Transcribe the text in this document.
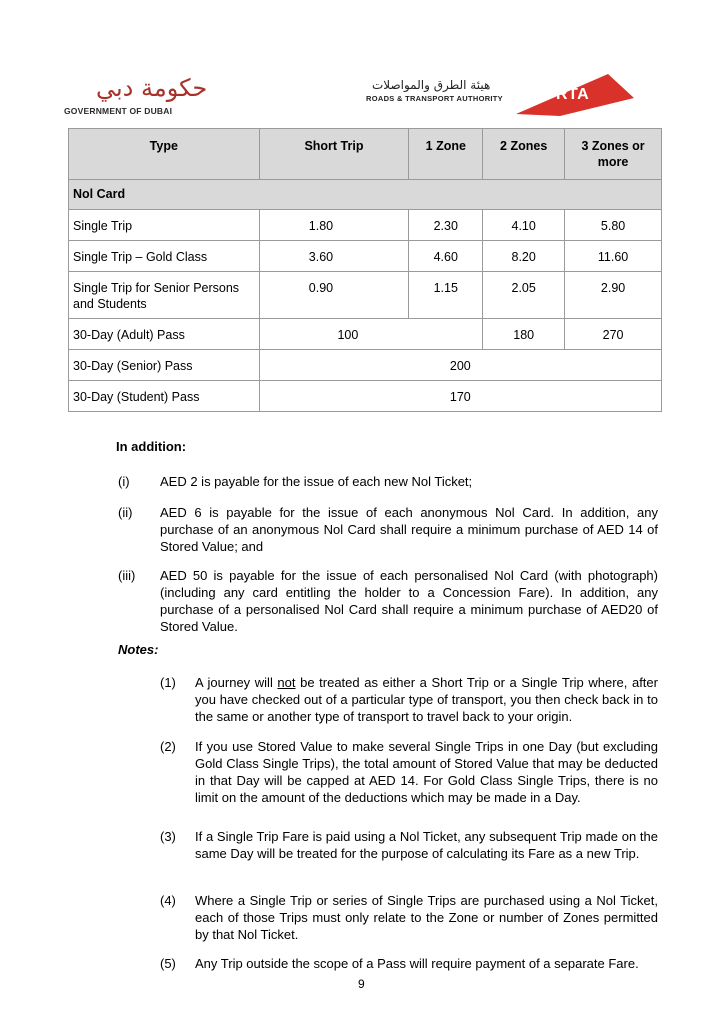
حكومة دبي
GOVERNMENT OF DUBAI
هيئة الطرق والمواصلات
ROADS & TRANSPORT AUTHORITY	RTA
Type	Short Trip	1 Zone	2 Zones	3 Zones or more
Nol Card				
Single Trip	1.80	2.30	4.10	5.80
Single Trip – Gold Class	3.60	4.60	8.20	11.60
Single Trip for Senior Persons and Students	0.90	1.15	2.05	2.90
30-Day (Adult) Pass	100		180	270
30-Day (Senior) Pass	200			
30-Day (Student) Pass	170			
In addition:
(i) AED 2 is payable for the issue of each new Nol Ticket;
(ii) AED 6 is payable for the issue of each anonymous Nol Card. In addition, any purchase of an anonymous Nol Card shall require a minimum purchase of AED 14 of Stored Value; and
(iii) AED 50 is payable for the issue of each personalised Nol Card (with photograph) (including any card entitling the holder to a Concession Fare). In addition, any purchase of a personalised Nol Card shall require a minimum purchase of AED20 of Stored Value.
Notes:
(1) A journey will not be treated as either a Short Trip or a Single Trip where, after you have checked out of a particular type of transport, you then check back in to the same or another type of transport to travel back to your origin.
(2) If you use Stored Value to make several Single Trips in one Day (but excluding Gold Class Single Trips), the total amount of Stored Value that may be deducted in that Day will be capped at AED 14. For Gold Class Single Trips, there is no limit on the amount of the deductions which may be made in a Day.
(3) If a Single Trip Fare is paid using a Nol Ticket, any subsequent Trip made on the same Day will be treated for the purpose of calculating its Fare as a new Trip.
(4) Where a Single Trip or series of Single Trips are purchased using a Nol Ticket, each of those Trips must only relate to the Zone or number of Zones permitted by that Nol Ticket.
(5) Any Trip outside the scope of a Pass will require payment of a separate Fare.
9
